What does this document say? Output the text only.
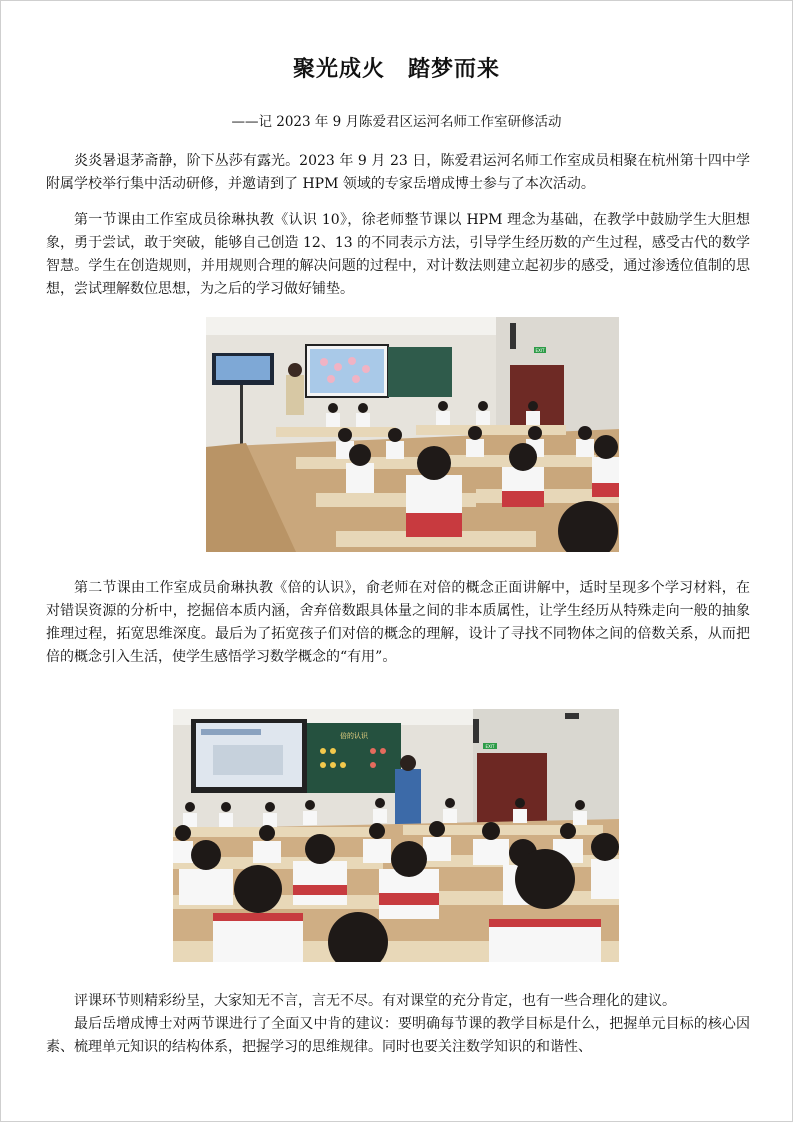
聚光成火　踏梦而来
——记 2023 年 9 月陈爱君区运河名师工作室研修活动

炎炎暑退茅斋静，阶下丛莎有露光。2023 年 9 月 23 日，陈爱君运河名师工作室成员相聚在杭州第十四中学附属学校举行集中活动研修，并邀请到了 HPM 领域的专家岳增成博士参与了本次活动。

第一节课由工作室成员徐琳执教《认识 10》，徐老师整节课以 HPM 理念为基础，在教学中鼓励学生大胆想象，勇于尝试，敢于突破，能够自己创造 12、13 的不同表示方法，引导学生经历数的产生过程，感受古代的数学智慧。学生在创造规则，并用规则合理的解决问题的过程中，对计数法则建立起初步的感受，通过渗透位值制的思想，尝试理解数位思想，为之后的学习做好铺垫。

EXIT

第二节课由工作室成员俞琳执教《倍的认识》，俞老师在对倍的概念正面讲解中，适时呈现多个学习材料，在对错误资源的分析中，挖掘倍本质内涵，舍弃倍数跟具体量之间的非本质属性，让学生经历从特殊走向一般的抽象推理过程，拓宽思维深度。最后为了拓宽孩子们对倍的概念的理解，设计了寻找不同物体之间的倍数关系，从而把倍的概念引入生活，使学生感悟学习数学概念的“有用”。

倍的认识
EXIT

评课环节则精彩纷呈，大家知无不言，言无不尽。有对课堂的充分肯定，也有一些合理化的建议。

最后岳增成博士对两节课进行了全面又中肯的建议：要明确每节课的教学目标是什么，把握单元目标的核心因素、梳理单元知识的结构体系，把握学习的思维规律。同时也要关注数学知识的和谐性、
